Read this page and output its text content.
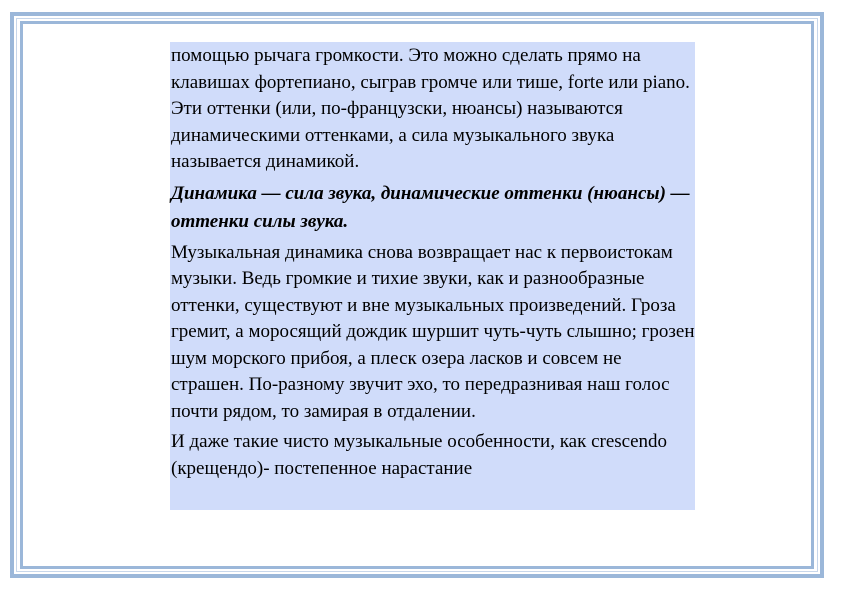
помощью рычага громкости. Это можно сделать прямо на клавишах фортепиано, сыграв громче или тише, forte или piano. Эти оттенки (или, по-французски, нюансы) называются динамическими оттенками, а сила музыкального звука называется динамикой.

Динамика — сила звука, динамические оттенки (нюансы) — оттенки силы звука.

Музыкальная динамика снова возвращает нас к первоистокам музыки. Ведь громкие и тихие звуки, как и разнообразные оттенки, существуют и вне музыкальных произведений. Гроза гремит, а моросящий дождик шуршит чуть-чуть слышно; грозен шум морского прибоя, а плеск озера ласков и совсем не страшен. По-разному звучит эхо, то передразнивая наш голос почти рядом, то замирая в отдалении.

И даже такие чисто музыкальные особенности, как crescendo (крещендо)- постепенное нарастание
